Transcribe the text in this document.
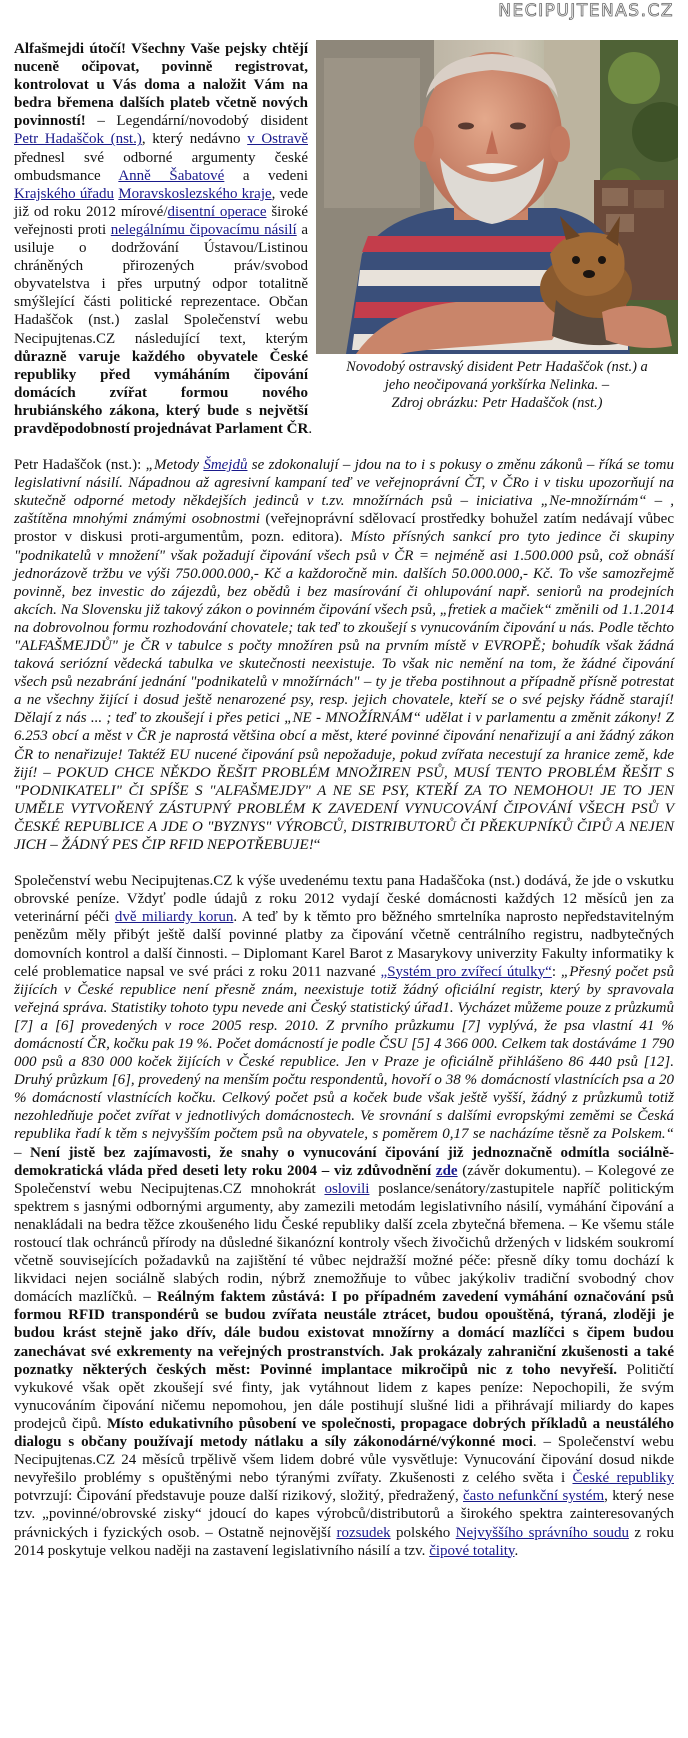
NECIPUJTENAS.CZ
Novodobý ostravský disident Petr Hadaščok (nst.) a
jeho neočipovaná yorkšírka Nelinka. –
Zdroj obrázku: Petr Hadaščok (nst.)

Alfašmejdi útočí! Všechny Vaše pejsky chtějí nuceně očipovat, povinně registrovat, kontrolovat u Vás doma a naložit Vám na bedra břemena dalších plateb včetně nových povinností! – Legendární/novodobý disident Petr Hadaščok (nst.), který nedávno v Ostravě přednesl své odborné argumenty české ombudsmance Anně Šabatové a vedeni Krajského úřadu Moravskoslezského kraje, vede již od roku 2012 mírové/disentní operace široké veřejnosti proti nelegálnímu čipovacímu násilí a usiluje o dodržování Ústavou/Listinou chráněných přirozených práv/svobod obyvatelstva i přes urputný odpor totalitně smýšlející části politické reprezentace. Občan Hadaščok (nst.) zaslal Společenství webu Necipujtenas.CZ následující text, kterým důrazně varuje každého obyvatele České republiky před vymáháním čipování domácích zvířat formou nového hrubiánského zákona, který bude s největší pravděpodobností projednávat Parlament ČR.

Petr Hadaščok (nst.): „Metody Šmejdů se zdokonalují – jdou na to i s pokusy o změnu zákonů – říká se tomu legislativní násilí. Nápadnou až agresivní kampaní teď ve veřejnoprávní ČT, v ČRo i v tisku upozorňují na skutečně odporné metody někdejších jedinců v t.zv. množírnách psů – iniciativa „Ne-množírnám“ – , zaštítěna mnohými známými osobnostmi (veřejnoprávní sdělovací prostředky bohužel zatím nedávají vůbec prostor v diskusi proti-argumentům, pozn. editora). Místo přísných sankcí pro tyto jedince či skupiny "podnikatelů v množení" však požadují čipování všech psů v ČR = nejméně asi 1.500.000 psů, což obnáší jednorázově tržbu ve výši 750.000.000,- Kč a každoročně min. dalších 50.000.000,- Kč. To vše samozřejmě povinně, bez investic do zájezdů, bez obědů i bez masírování či ohlupování např. seniorů na prodejních akcích. Na Slovensku již takový zákon o povinném čipování všech psů, „fretiek a mačiek“ změnili od 1.1.2014 na dobrovolnou formu rozhodování chovatele; tak teď to zkoušejí s vynucováním čipování u nás. Podle těchto "ALFAŠMEJDŮ" je ČR v tabulce s počty množíren psů na prvním místě v EVROPĚ; bohudík však žádná taková seriózní vědecká tabulka ve skutečnosti neexistuje. To však nic nemění na tom, že žádné čipování všech psů nezabrání jednání "podnikatelů v množírnách" – ty je třeba postihnout a případně přísně potrestat a ne všechny žijící i dosud ještě nenarozené psy, resp. jejich chovatele, kteří se o své pejsky řádně starají! Dělají z nás ... ; teď to zkoušejí i přes petici „NE - MNOŽÍRNÁM“ udělat i v parlamentu a změnit zákony! Z 6.253 obcí a měst v ČR je naprostá většina obcí a měst, které povinné čipování nenařizují a ani žádný zákon ČR to nenařizuje! Taktéž EU nucené čipování psů nepožaduje, pokud zvířata necestují za hranice země, kde žijí! – POKUD CHCE NĚKDO ŘEŠIT PROBLÉM MNOŽIREN PSŮ, MUSÍ TENTO PROBLÉM ŘEŠIT S "PODNIKATELI" ČI SPÍŠE S "ALFAŠMEJDY" A NE SE PSY, KTEŘÍ ZA TO NEMOHOU! JE TO JEN UMĚLE VYTVOŘENÝ ZÁSTUPNÝ PROBLÉM K ZAVEDENÍ VYNUCOVÁNÍ ČIPOVÁNÍ VŠECH PSŮ V ČESKÉ REPUBLICE A JDE O "BYZNYS" VÝROBCŮ, DISTRIBUTORŮ ČI PŘEKUPNÍKŮ ČIPŮ A NEJEN JICH – ŽÁDNÝ PES ČIP RFID NEPOTŘEBUJE!“

Společenství webu Necipujtenas.CZ k výše uvedenému textu pana Hadaščoka (nst.) dodává, že jde o vskutku obrovské peníze. Vždyť podle údajů z roku 2012 vydají české domácnosti každých 12 měsíců jen za veterinární péči dvě miliardy korun. A teď by k těmto pro běžného smrtelníka naprosto nepředstavitelným penězům měly přibýt ještě další povinné platby za čipování včetně centrálního registru, nadbytečných domovních kontrol a další činnosti. – Diplomant Karel Barot z Masarykovy univerzity Fakulty informatiky k celé problematice napsal ve své práci z roku 2011 nazvané „Systém pro zvířecí útulky“: „Přesný počet psů žijících v České republice není přesně znám, neexistuje totiž žádný oficiální registr, který by spravovala veřejná správa. Statistiky tohoto typu nevede ani Český statistický úřad1. Vycházet můžeme pouze z průzkumů [7] a [6] provedených v roce 2005 resp. 2010. Z prvního průzkumu [7] vyplývá, že psa vlastní 41 % domácností ČR, kočku pak 19 %. Počet domácností je podle ČSU [5] 4 366 000. Celkem tak dostáváme 1 790 000 psů a 830 000 koček žijících v České republice. Jen v Praze je oficiálně přihlášeno 86 440 psů [12]. Druhý průzkum [6], provedený na menším počtu respondentů, hovoří o 38 % domácností vlastnících psa a 20 % domácností vlastnících kočku. Celkový počet psů a koček bude však ještě vyšší, žádný z průzkumů totiž nezohledňuje počet zvířat v jednotlivých domácnostech. Ve srovnání s dalšími evropskými zeměmi se Česká republika řadí k těm s nejvyšším počtem psů na obyvatele, s poměrem 0,17 se nacházíme těsně za Polskem.“ – Není jistě bez zajímavosti, že snahy o vynucování čipování již jednoznačně odmítla sociálně-demokratická vláda před deseti lety roku 2004 – viz zdůvodnění zde (závěr dokumentu). – Kolegové ze Společenství webu Necipujtenas.CZ mnohokrát oslovili poslance/senátory/zastupitele napříč politickým spektrem s jasnými odbornými argumenty, aby zamezili metodám legislativního násilí, vymáhání čipování a nenakládali na bedra těžce zkoušeného lidu České republiky další zcela zbytečná břemena. – Ke všemu stále rostoucí tlak ochránců přírody na důsledné šikanózní kontroly všech živočichů držených v lidském soukromí včetně souvisejících požadavků na zajištění té vůbec nejdražší možné péče: přesně díky tomu dochází k likvidaci nejen sociálně slabých rodin, nýbrž znemožňuje to vůbec jakýkoliv tradiční svobodný chov domácích mazlíčků. – Reálným faktem zůstává: I po případném zavedení vymáhání označování psů formou RFID transpondérů se budou zvířata neustále ztrácet, budou opouštěná, týraná, zloději je budou krást stejně jako dřív, dále budou existovat množírny a domácí mazlíčci s čipem budou zanechávat své exkrementy na veřejných prostranstvích. Jak prokázaly zahraniční zkušenosti a také poznatky některých českých měst: Povinné implantace mikročipů nic z toho nevyřeší. Političtí vykukové však opět zkoušejí své finty, jak vytáhnout lidem z kapes peníze: Nepochopili, že svým vynucováním čipování ničemu nepomohou, jen dále postihují slušné lidi a přihrávají miliardy do kapes prodejců čipů. Místo edukativního působení ve společnosti, propagace dobrých příkladů a neustálého dialogu s občany používají metody nátlaku a síly zákonodárné/výkonné moci. – Společenství webu Necipujtenas.CZ 24 měsíců trpělivě všem lidem dobré vůle vysvětluje: Vynucování čipování dosud nikde nevyřešilo problémy s opuštěnými nebo týranými zvířaty. Zkušenosti z celého světa i České republiky potvrzují: Čipování představuje pouze další rizikový, složitý, předražený, často nefunkční systém, který nese tzv. „povinné/obrovské zisky“ jdoucí do kapes výrobců/distributorů a širokého spektra zainteresovaných právnických i fyzických osob. – Ostatně nejnovější rozsudek polského Nejvyššího správního soudu z roku 2014 poskytuje velkou naději na zastavení legislativního násilí a tzv. čipové totality.
